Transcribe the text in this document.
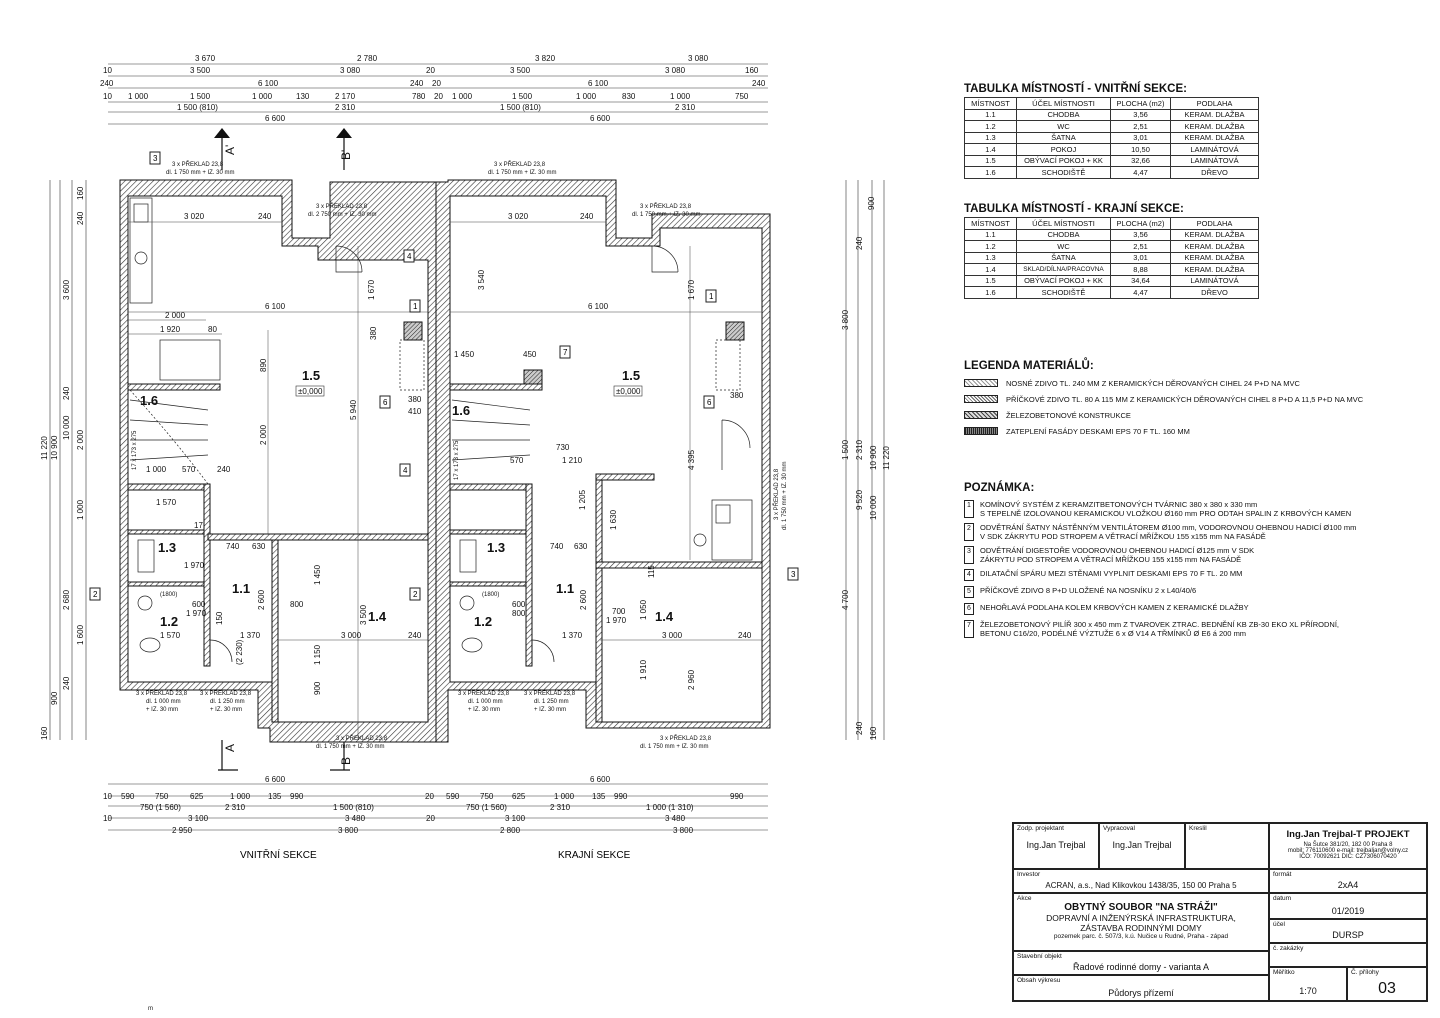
3 670	2 780	3 820	3 080
10	3 500	3 080	20	3 500	3 080	160
240	6 100	240 20	6 100	240
10 1 000	1 500	1 000	130	2 170	780 20 1 000	1 500	1 000	830	1 000	750
1 500 (810)	2 310	1 500 (810)	2 310
6 600	6 600
11 220 10 900
10 000
160
240
3 600
240
2 000
1 000
2 680
1 600
240
900
160
900
240
3 800
1 500 2 310
4 700
240 160
10 900 11 220
9 520 10 000
6 600	6 600
10 590	750	625	1 000 135 990	20 590	750 625	1 000 135 990	990
750 (1 560)	2 310	1 500 (810)	750 (1 560)	2 310	1 000 (1 310)
10	3 100	3 480	20	3 100	3 480
2 950	3 800	2 800	3 800
A'	B'
A
B
1.5
1.6
1.3
1.1
1.2	1.4
1.5
1.6
1.3
1.1
1.2	1.4
±0,000	±0,000
3 020	240
6 100
2 000
1 920	80
1 670
380
890
2 000
5 940
380
410
1 000 570	240
1 570
17
740 630
1 970	1 450
3 500
1 150
900
3 000	240
1 370
600
1 970
1 570
800
2 600
(2 230)
150
3 020	240
3 540	1 670
6 100
1 450	450
380
4 395
730
1 210
1 205
570
1 630
740 630
1 050
700
1 970
2 960
1 910
3 000	240
1 370
600
800
2 600
115
3 x PŘEKLAD 23,8
dl. 1 750 mm + IZ. 30 mm
3 x PŘEKLAD 23,8
dl. 2 750 mm + IZ. 30 mm
3 x PŘEKLAD 23,8
dl. 1 750 mm + IZ. 30 mm
3 x PŘEKLAD 23,8
dl. 1 750 mm + IZ. 30 mm
3 x PŘEKLAD 23,8
dl. 1 000 mm
+ IZ. 30 mm
3 x PŘEKLAD 23,8
dl. 1 250 mm
+ IZ. 30 mm
3 x PŘEKLAD 23,8
dl. 1 750 mm + IZ. 30 mm
3 x PŘEKLAD 23,8
dl. 1 000 mm
+ IZ. 30 mm
3 x PŘEKLAD 23,8
dl. 1 250 mm
+ IZ. 30 mm
3 x PŘEKLAD 23,8
dl. 1 750 mm + IZ. 30 mm
3 x PŘEKLAD 23,8 dl. 1 750 mm + IZ. 30 mm
17 x 173 x 275	17 x 173 x 275
(1800)	(1800)
3
4
1
6
4
2	2
7
1
6
3
VNITŘNÍ SEKCE	KRAJNÍ SEKCE
TABULKA MÍSTNOSTÍ - VNITŘNÍ SEKCE:
MÍSTNOST	ÚČEL MÍSTNOSTI	PLOCHA (m2)	PODLAHA
1.1	CHODBA	3,56	KERAM. DLAŽBA
1.2	WC	2,51	KERAM. DLAŽBA
1.3	ŠATNA	3,01	KERAM. DLAŽBA
1.4	POKOJ	10,50	LAMINÁTOVÁ
1.5	OBÝVACÍ POKOJ + KK	32,66	LAMINÁTOVÁ
1.6	SCHODIŠTĚ	4,47	DŘEVO
TABULKA MÍSTNOSTÍ - KRAJNÍ SEKCE:
MÍSTNOST	ÚČEL MÍSTNOSTI	PLOCHA (m2)	PODLAHA
1.1	CHODBA	3,56	KERAM. DLAŽBA
1.2	WC	2,51	KERAM. DLAŽBA
1.3	ŠATNA	3,01	KERAM. DLAŽBA
1.4	SKLAD/DÍLNA/PRACOVNA	8,88	KERAM. DLAŽBA
1.5	OBÝVACÍ POKOJ + KK	34,64	LAMINÁTOVÁ
1.6	SCHODIŠTĚ	4,47	DŘEVO
LEGENDA MATERIÁLŮ:
NOSNÉ ZDIVO TL. 240 MM Z KERAMICKÝCH DĚROVANÝCH CIHEL 24 P+D NA MVC
PŘÍČKOVÉ ZDIVO TL. 80 A 115 MM Z KERAMICKÝCH DĚROVANÝCH CIHEL 8 P+D A 11,5 P+D NA MVC
ŽELEZOBETONOVÉ KONSTRUKCE
ZATEPLENÍ FASÁDY DESKAMI EPS 70 F TL. 160 MM
POZNÁMKA:
1	KOMÍNOVÝ SYSTÉM Z KERAMZITBETONOVÝCH TVÁRNIC 380 x 380 x 330 mm
S TEPELNĚ IZOLOVANOU KERAMICKOU VLOŽKOU Ø160 mm PRO ODTAH SPALIN Z KRBOVÝCH KAMEN
2	ODVĚTRÁNÍ ŠATNY NÁSTĚNNÝM VENTILÁTOREM Ø100 mm, VODOROVNOU OHEBNOU HADICÍ Ø100 mm
V SDK ZÁKRYTU POD STROPEM A VĚTRACÍ MŘÍŽKOU 155 x155 mm NA FASÁDĚ
3	ODVĚTRÁNÍ DIGESTOŘE VODOROVNOU OHEBNOU HADICÍ Ø125 mm V SDK
ZÁKRYTU POD STROPEM A VĚTRACÍ MŘÍŽKOU 155 x155 mm NA FASÁDĚ
4	DILATAČNÍ SPÁRU MEZI STĚNAMI VYPLNIT DESKAMI EPS 70 F TL. 20 MM
5	PŘÍČKOVÉ ZDIVO 8 P+D ULOŽENÉ NA NOSNÍKU 2 x L40/40/6
6	NEHOŘLAVÁ PODLAHA KOLEM KRBOVÝCH KAMEN Z KERAMICKÉ DLAŽBY
7	ŽELEZOBETONOVÝ PILÍŘ 300 x 450 mm Z TVAROVEK ZTRAC. BEDNĚNÍ KB ZB-30 EKO XL PŘÍRODNÍ,
BETONU C16/20, PODÉLNÉ VÝZTUŽE 6 x Ø V14 A TŘMÍNKŮ Ø E6 á 200 mm
Zodp. projektant
Ing.Jan Trejbal
Vypracoval
Ing.Jan Trejbal
Kreslil
Ing.Jan Trejbal-T PROJEKT
Na Šutce 381/20, 182 00 Praha 8
mobil: 776110600 e-mail: trejbaljan@volny.cz
IČO: 70092621 DIČ: CZ7306070420
Investor
ACRAN, a.s., Nad Klikovkou 1438/35, 150 00 Praha 5
Akce
OBYTNÝ SOUBOR "NA STRÁŽI"
DOPRAVNÍ A INŽENÝRSKÁ INFRASTRUKTURA,
ZÁSTAVBA RODINNÝMI DOMY
pozemek parc. č. 507/3, k.ú. Nučice u Rudné, Praha - západ
Stavební objekt
Řadové rodinné domy - varianta A
Obsah výkresu
Půdorys přízemí
formát
2xA4
datum
01/2019
účel
DURSP
č. zakázky
Měřítko
1:70
Č. přílohy
03
m
